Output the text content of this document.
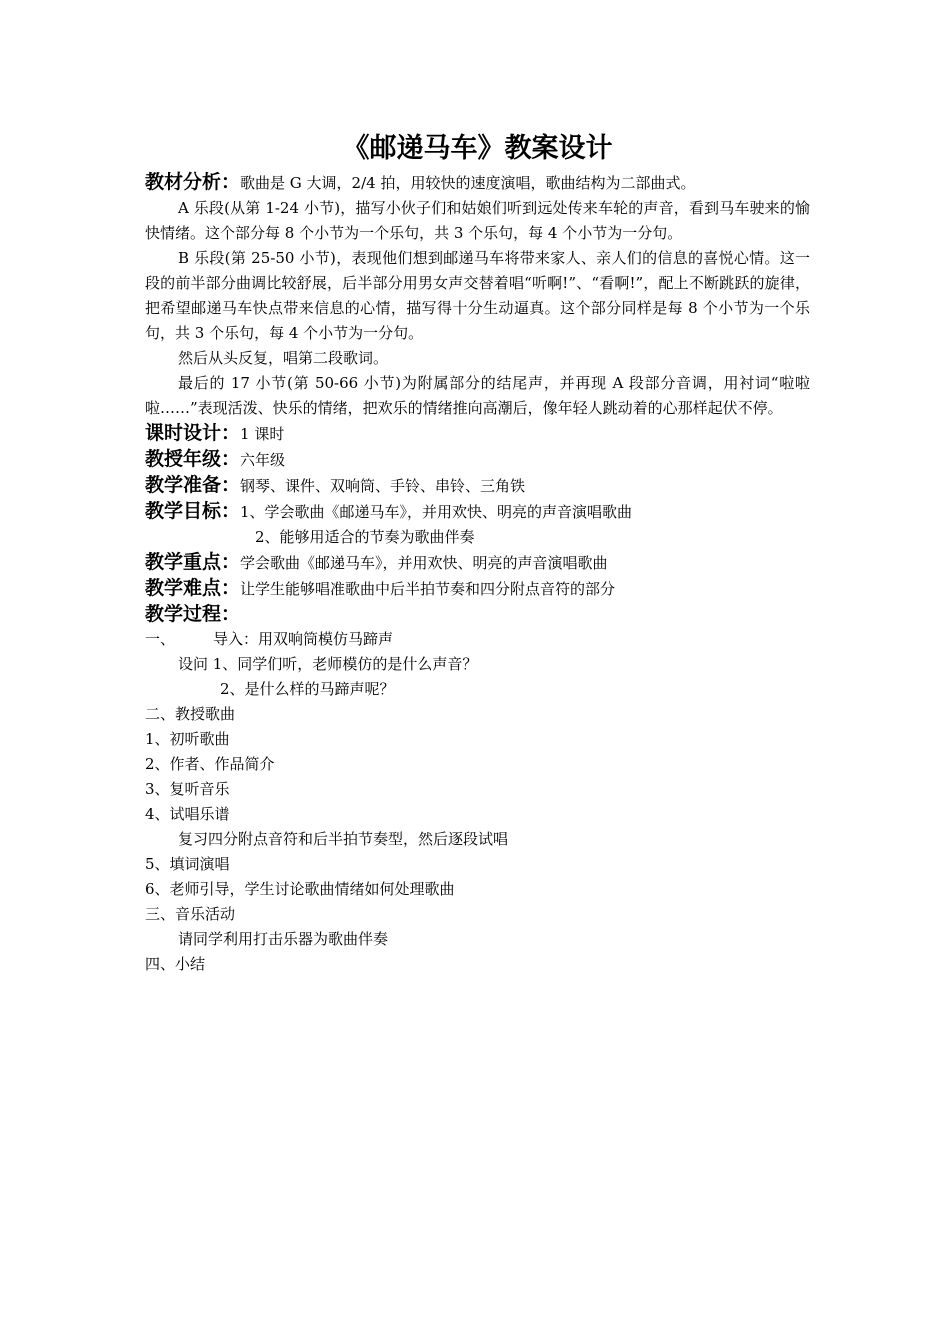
《邮递马车》教案设计
教材分析：歌曲是 G 大调，2/4 拍，用较快的速度演唱，歌曲结构为二部曲式。

A 乐段(从第 1-24 小节)，描写小伙子们和姑娘们听到远处传来车轮的声音，看到马车驶来的愉快情绪。这个部分每 8 个小节为一个乐句，共 3 个乐句，每 4 个小节为一分句。

B 乐段(第 25-50 小节)，表现他们想到邮递马车将带来家人、亲人们的信息的喜悦心情。这一段的前半部分曲调比较舒展，后半部分用男女声交替着唱“听啊!”、“看啊!”，配上不断跳跃的旋律，把希望邮递马车快点带来信息的心情，描写得十分生动逼真。这个部分同样是每 8 个小节为一个乐句，共 3 个乐句，每 4 个小节为一分句。

然后从头反复，唱第二段歌词。

最后的 17 小节(第 50-66 小节)为附属部分的结尾声，并再现 A 段部分音调，用衬词“啦啦啦……”表现活泼、快乐的情绪，把欢乐的情绪推向高潮后，像年轻人跳动着的心那样起伏不停。

课时设计：1 课时
教授年级：六年级
教学准备：钢琴、课件、双响筒、手铃、串铃、三角铁
教学目标：1、学会歌曲《邮递马车》，并用欢快、明亮的声音演唱歌曲
2、能够用适合的节奏为歌曲伴奏
教学重点：学会歌曲《邮递马车》，并用欢快、明亮的声音演唱歌曲
教学难点：让学生能够唱准歌曲中后半拍节奏和四分附点音符的部分
教学过程：
一、	导入：用双响筒模仿马蹄声
设问 1、同学们听，老师模仿的是什么声音？
2、是什么样的马蹄声呢？
二、教授歌曲
1、初听歌曲
2、作者、作品简介
3、复听音乐
4、试唱乐谱
复习四分附点音符和后半拍节奏型，然后逐段试唱
5、填词演唱
6、老师引导，学生讨论歌曲情绪如何处理歌曲
三、音乐活动
请同学利用打击乐器为歌曲伴奏
四、小结
